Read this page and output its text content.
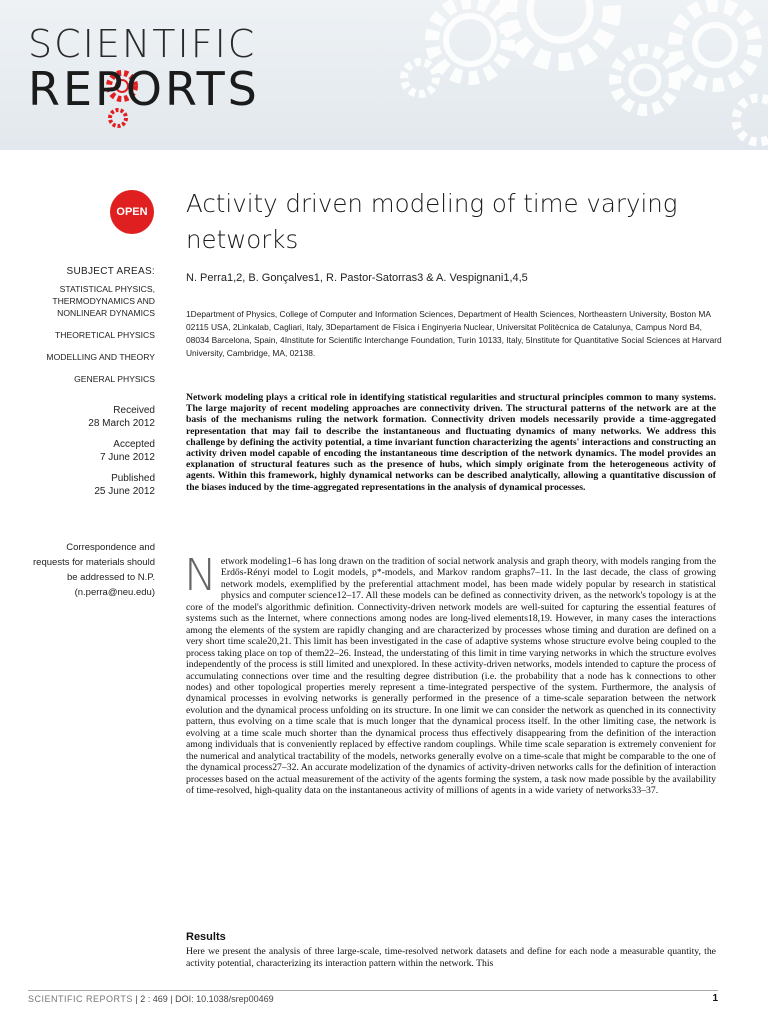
SCIENTIFIC
REPORTS
OPEN
SUBJECT AREAS:
STATISTICAL PHYSICS, THERMODYNAMICS AND NONLINEAR DYNAMICS
THEORETICAL PHYSICS
MODELLING AND THEORY
GENERAL PHYSICS
Received
28 March 2012
Accepted
7 June 2012
Published
25 June 2012
Correspondence and requests for materials should be addressed to N.P. (n.perra@neu.edu)
Activity driven modeling of time varying networks
N. Perra1,2, B. Gonçalves1, R. Pastor-Satorras3 & A. Vespignani1,4,5
1Department of Physics, College of Computer and Information Sciences, Department of Health Sciences, Northeastern University, Boston MA 02115 USA, 2Linkalab, Cagliari, Italy, 3Departament de Física i Enginyeria Nuclear, Universitat Politècnica de Catalunya, Campus Nord B4, 08034 Barcelona, Spain, 4Institute for Scientific Interchange Foundation, Turin 10133, Italy, 5Institute for Quantitative Social Sciences at Harvard University, Cambridge, MA, 02138.
Network modeling plays a critical role in identifying statistical regularities and structural principles common to many systems. The large majority of recent modeling approaches are connectivity driven. The structural patterns of the network are at the basis of the mechanisms ruling the network formation. Connectivity driven models necessarily provide a time-aggregated representation that may fail to describe the instantaneous and fluctuating dynamics of many networks. We address this challenge by defining the activity potential, a time invariant function characterizing the agents' interactions and constructing an activity driven model capable of encoding the instantaneous time description of the network dynamics. The model provides an explanation of structural features such as the presence of hubs, which simply originate from the heterogeneous activity of agents. Within this framework, highly dynamical networks can be described analytically, allowing a quantitative discussion of the biases induced by the time-aggregated representations in the analysis of dynamical processes.
N etwork modeling1–6 has long drawn on the tradition of social network analysis and graph theory, with models ranging from the Erdős-Rényi model to Logit models, p*-models, and Markov random graphs7–11. In the last decade, the class of growing network models, exemplified by the preferential attachment model, has been made widely popular by research in statistical physics and computer science12–17. All these models can be defined as connectivity driven, as the network's topology is at the core of the model's algorithmic definition. Connectivity-driven network models are well-suited for capturing the essential features of systems such as the Internet, where connections among nodes are long-lived elements18,19. However, in many cases the interactions among the elements of the system are rapidly changing and are characterized by processes whose timing and duration are defined on a very short time scale20,21. This limit has been investigated in the case of adaptive systems whose structure evolve being coupled to the process taking place on top of them22–26. Instead, the understating of this limit in time varying networks in which the structure evolves independently of the process is still limited and unexplored. In these activity-driven networks, models intended to capture the process of accumulating connections over time and the resulting degree distribution (i.e. the probability that a node has k connections to other nodes) and other topological properties merely represent a time-integrated perspective of the system. Furthermore, the analysis of dynamical processes in evolving networks is generally performed in the presence of a time-scale separation between the network evolution and the dynamical process unfolding on its structure. In one limit we can consider the network as quenched in its connectivity pattern, thus evolving on a time scale that is much longer that the dynamical process itself. In the other limiting case, the network is evolving at a time scale much shorter than the dynamical process thus effectively disappearing from the definition of the interaction among individuals that is conveniently replaced by effective random couplings. While time scale separation is extremely convenient for the numerical and analytical tractability of the models, networks generally evolve on a time-scale that might be comparable to the one of the dynamical process27–32. An accurate modelization of the dynamics of activity-driven networks calls for the definition of interaction processes based on the actual measurement of the activity of the agents forming the system, a task now made possible by the availability of time-resolved, high-quality data on the instantaneous activity of millions of agents in a wide variety of networks33–37.
Results
Here we present the analysis of three large-scale, time-resolved network datasets and define for each node a measurable quantity, the activity potential, characterizing its interaction pattern within the network. This
SCIENTIFIC REPORTS | 2 : 469 | DOI: 10.1038/srep00469	1
